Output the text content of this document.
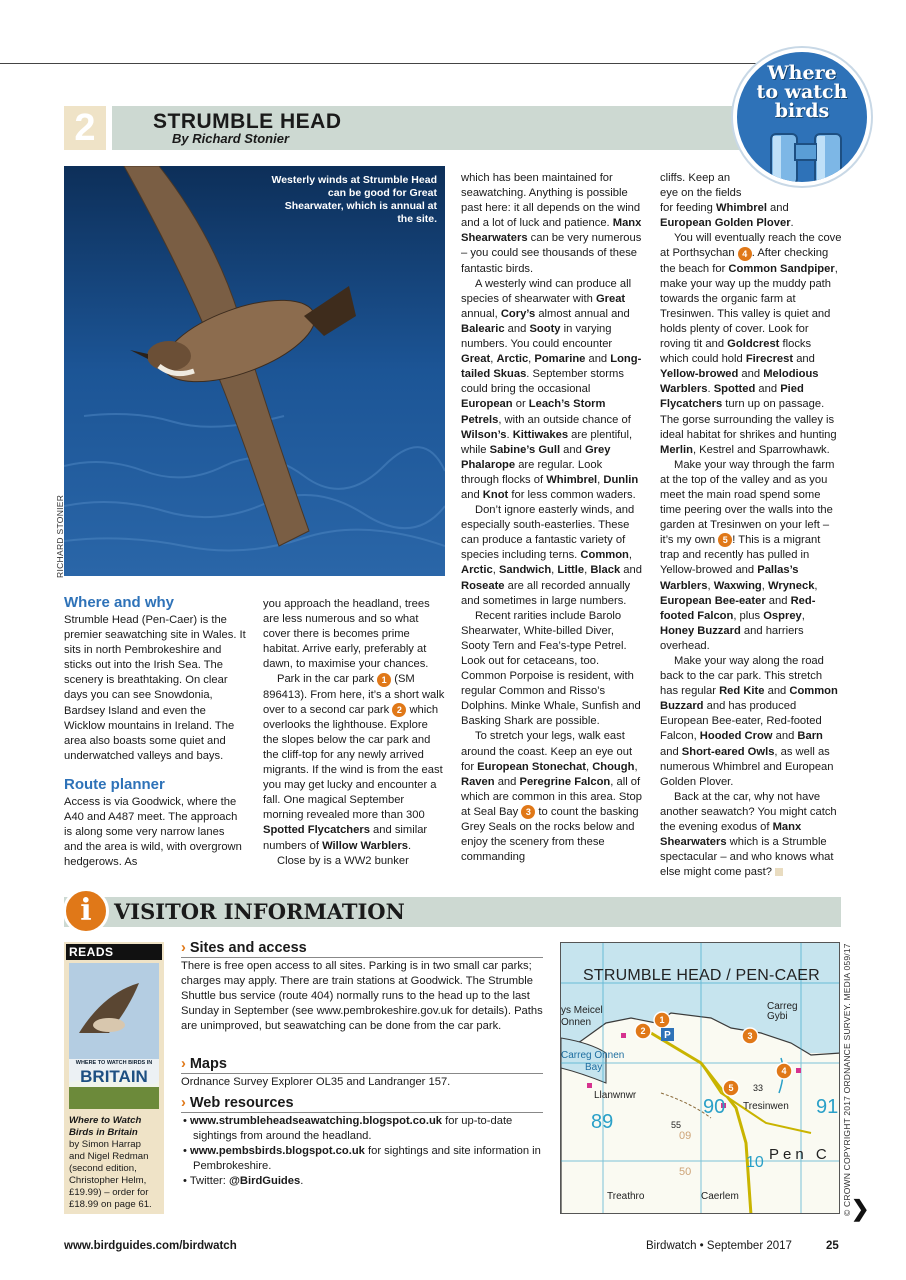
2	STRUMBLE HEAD
By Richard Stonier
Where
to watch
birds
Westerly winds at Strumble Head can be good for Great Shearwater, which is annual at the site.
RICHARD STONIER
Where and why

Strumble Head (Pen-Caer) is the premier seawatching site in Wales. It sits in north Pembrokeshire and sticks out into the Irish Sea. The scenery is breathtaking. On clear days you can see Snowdonia, Bardsey Island and even the Wicklow mountains in Ireland. The area also boasts some quiet and underwatched valleys and bays.

Route planner

Access is via Goodwick, where the A40 and A487 meet. The approach is along some very narrow lanes and the area is wild, with overgrown hedgerows. As

you approach the headland, trees are less numerous and so what cover there is becomes prime habitat. Arrive early, preferably at dawn, to maximise your chances.

Park in the car park 1 (SM 896413). From here, it’s a short walk over to a second car park 2 which overlooks the lighthouse. Explore the slopes below the car park and the cliff-top for any newly arrived migrants. If the wind is from the east you may get lucky and encounter a fall. One magical September morning revealed more than 300 Spotted Flycatchers and similar numbers of Willow Warblers.

Close by is a WW2 bunker

which has been maintained for seawatching. Anything is possible past here: it all depends on the wind and a lot of luck and patience. Manx Shearwaters can be very numerous – you could see thousands of these fantastic birds.

A westerly wind can produce all species of shearwater with Great annual, Cory’s almost annual and Balearic and Sooty in varying numbers. You could encounter Great, Arctic, Pomarine and Long-tailed Skuas. September storms could bring the occasional European or Leach’s Storm Petrels, with an outside chance of Wilson’s. Kittiwakes are plentiful, while Sabine’s Gull and Grey Phalarope are regular. Look through flocks of Whimbrel, Dunlin and Knot for less common waders.

Don’t ignore easterly winds, and especially south-easterlies. These can produce a fantastic variety of species including terns. Common, Arctic, Sandwich, Little, Black and Roseate are all recorded annually and sometimes in large numbers.

Recent rarities include Barolo Shearwater, White-billed Diver, Sooty Tern and Fea’s-type Petrel. Look out for cetaceans, too. Common Porpoise is resident, with regular Common and Risso’s Dolphins. Minke Whale, Sunfish and Basking Shark are possible.

To stretch your legs, walk east around the coast. Keep an eye out for European Stonechat, Chough, Raven and Peregrine Falcon, all of which are common in this area. Stop at Seal Bay 3 to count the basking Grey Seals on the rocks below and enjoy the scenery from these commanding

cliffs. Keep an
eye on the fields
for feeding Whimbrel and European Golden Plover.

You will eventually reach the cove at Porthsychan 4 . After checking the beach for Common Sandpiper, make your way up the muddy path towards the organic farm at Tresinwen. This valley is quiet and holds plenty of cover. Look for roving tit and Goldcrest flocks which could hold Firecrest and Yellow-browed and Melodious Warblers. Spotted and Pied Flycatchers turn up on passage. The gorse surrounding the valley is ideal habitat for shrikes and hunting Merlin, Kestrel and Sparrowhawk.

Make your way through the farm at the top of the valley and as you meet the main road spend some time peering over the walls into the garden at Tresinwen on your left – it’s my own 5 ! This is a migrant trap and recently has pulled in Yellow-browed and Pallas’s Warblers, Waxwing, Wryneck, European Bee-eater and Red-footed Falcon, plus Osprey, Honey Buzzard and harriers overhead.

Make your way along the road back to the car park. This stretch has regular Red Kite and Common Buzzard and has produced European Bee-eater, Red-footed Falcon, Hooded Crow and Barn and Short-eared Owls, as well as numerous Whimbrel and European Golden Plover.

Back at the car, why not have another seawatch? You might catch the evening exodus of Manx Shearwaters which is a Strumble spectacular – and who knows what else might come past?

i	VISITOR INFORMATION
READS
WHERE TO WATCH BIRDS IN
BRITAIN
Where to Watch Birds in Britain
by Simon Harrap and Nigel Redman (second edition, Christopher Helm, £19.99) – order for £18.99 on page 61.
› Sites and access
There is free open access to all sites. Parking is in two small car parks; charges may apply. There are train stations at Goodwick. The Strumble Shuttle bus service (route 404) normally runs to the head up to the last Sunday in September (see www.pembrokeshire.gov.uk for details). Paths are unimproved, but seawatching can be done from the car park.
› Maps
Ordnance Survey Explorer OL35 and Landranger 157.
› Web resources
• www.strumbleheadseawatching.blogspot.co.uk for up-to-date sightings from around the headland.
• www.pembsbirds.blogspot.co.uk for sightings and site information in Pembrokeshire.
• Twitter: @BirdGuides.
1
2	3
4
5
P
ys Meicel
Onnen
Carreg
Gybi
Llanwnwr
Tresinwen
Treathro	Caerlem
55
33
Carreg Onnen
Bay
09
50
Pen C
89
90	91
10
STRUMBLE HEAD / PEN-CAER	© CROWN COPYRIGHT 2017 ORDNANCE SURVEY. MEDIA 059/17 ❯
www.birdguides.com/birdwatch	Birdwatch • September 2017	25
